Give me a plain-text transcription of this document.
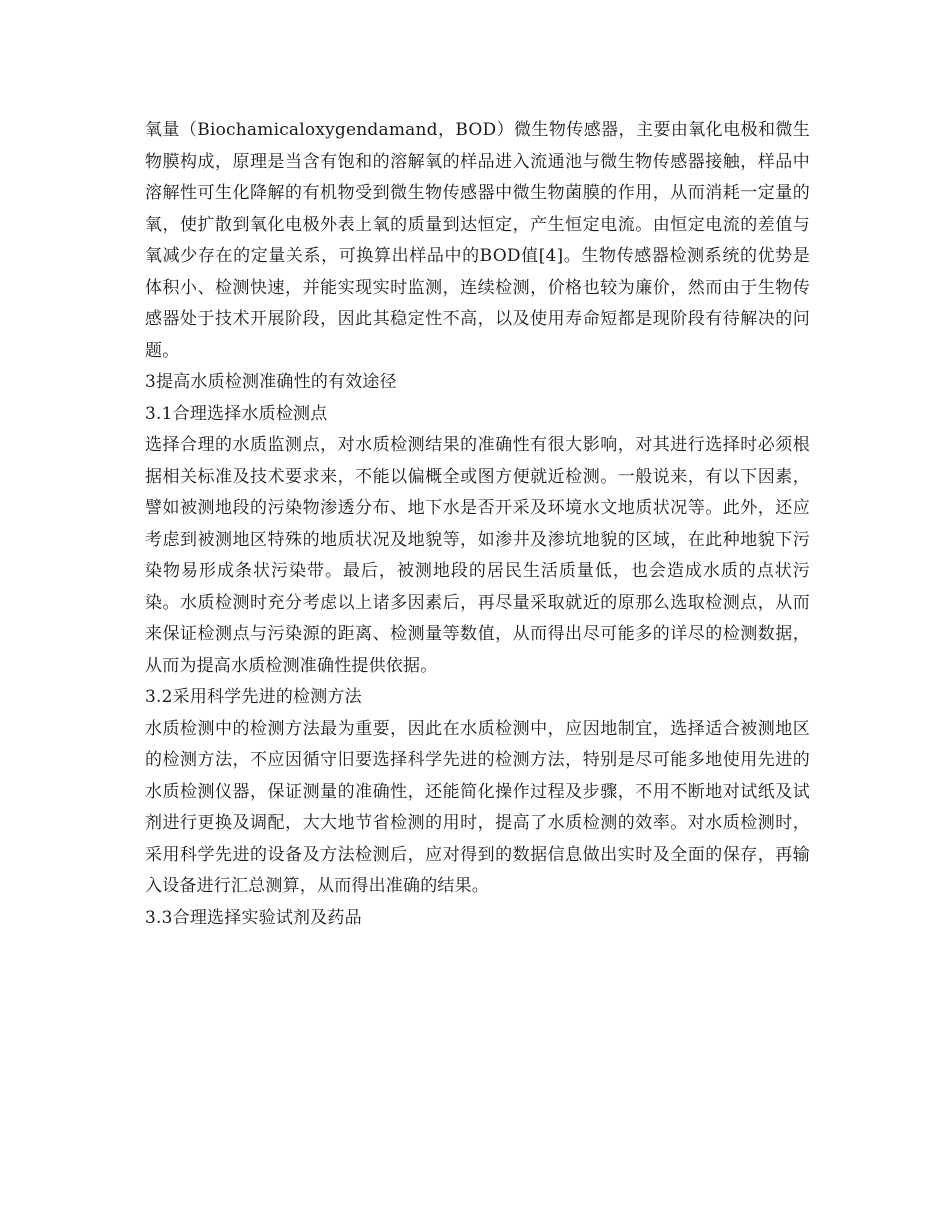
氧量（Biochamicaloxygendamand，BOD）微生物传感器，主要由氧化电极和微生物膜构成，原理是当含有饱和的溶解氧的样品进入流通池与微生物传感器接触，样品中溶解性可生化降解的有机物受到微生物传感器中微生物菌膜的作用，从而消耗一定量的氧，使扩散到氧化电极外表上氧的质量到达恒定，产生恒定电流。由恒定电流的差值与氧减少存在的定量关系，可换算出样品中的BOD值[4]。生物传感器检测系统的优势是体积小、检测快速，并能实现实时监测，连续检测，价格也较为廉价，然而由于生物传感器处于技术开展阶段，因此其稳定性不高，以及使用寿命短都是现阶段有待解决的问题。

3提高水质检测准确性的有效途径
3.1合理选择水质检测点

选择合理的水质监测点，对水质检测结果的准确性有很大影响，对其进行选择时必须根据相关标准及技术要求来，不能以偏概全或图方便就近检测。一般说来，有以下因素，譬如被测地段的污染物渗透分布、地下水是否开采及环境水文地质状况等。此外，还应考虑到被测地区特殊的地质状况及地貌等，如渗井及渗坑地貌的区域，在此种地貌下污染物易形成条状污染带。最后，被测地段的居民生活质量低，也会造成水质的点状污染。水质检测时充分考虑以上诸多因素后，再尽量采取就近的原那么选取检测点，从而来保证检测点与污染源的距离、检测量等数值，从而得出尽可能多的详尽的检测数据，从而为提高水质检测准确性提供依据。

3.2采用科学先进的检测方法

水质检测中的检测方法最为重要，因此在水质检测中，应因地制宜，选择适合被测地区的检测方法，不应因循守旧要选择科学先进的检测方法，特别是尽可能多地使用先进的水质检测仪器，保证测量的准确性，还能简化操作过程及步骤，不用不断地对试纸及试剂进行更换及调配，大大地节省检测的用时，提高了水质检测的效率。对水质检测时，采用科学先进的设备及方法检测后，应对得到的数据信息做出实时及全面的保存，再输入设备进行汇总测算，从而得出准确的结果。

3.3合理选择实验试剂及药品
